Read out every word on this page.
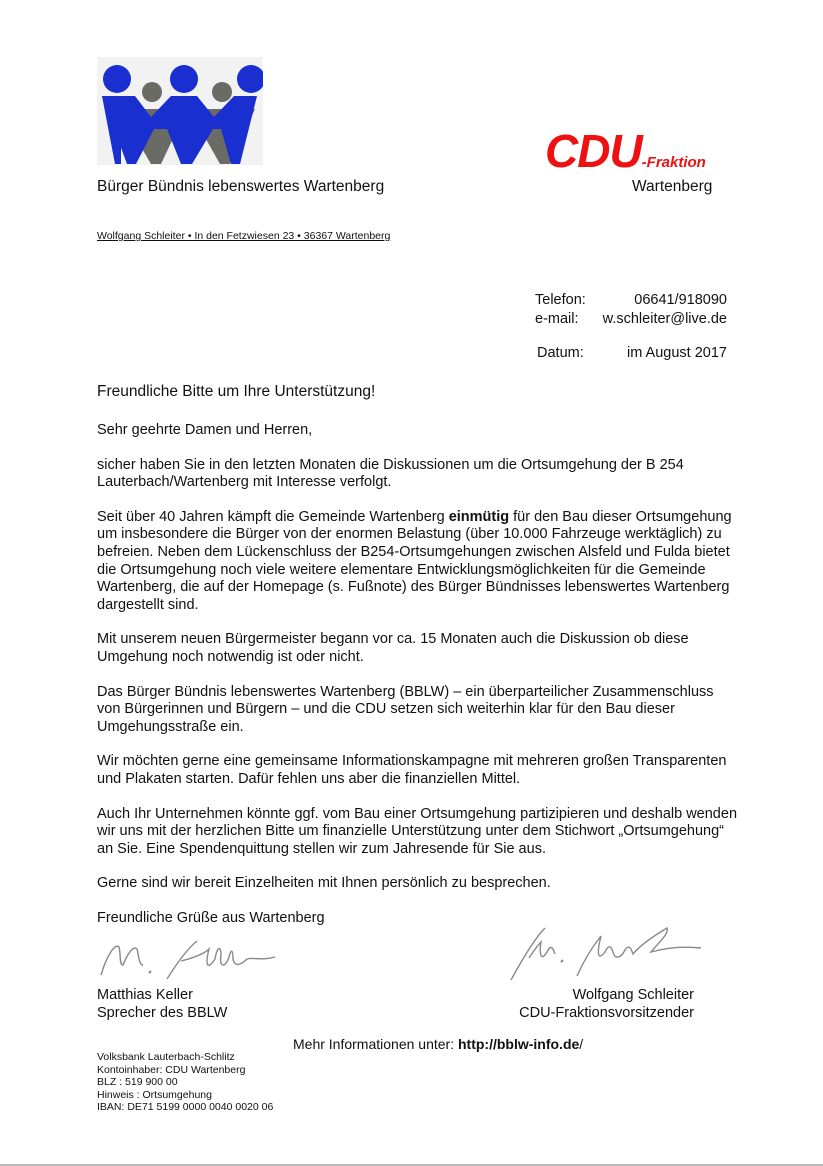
Bürger Bündnis lebenswertes Wartenberg
CDU-Fraktion
Wartenberg
Wolfgang Schleiter • In den Fetzwiesen 23 • 36367 Wartenberg
Telefon:	06641/918090
e-mail:	w.schleiter@live.de
Datum:	im August 2017
Freundliche Bitte um Ihre Unterstützung!

Sehr geehrte Damen und Herren,

sicher haben Sie in den letzten Monaten die Diskussionen um die Ortsumgehung der B 254 Lauterbach/Wartenberg mit Interesse verfolgt.

Seit über 40 Jahren kämpft die Gemeinde Wartenberg einmütig für den Bau dieser Ortsumgehung um insbesondere die Bürger von der enormen Belastung (über 10.000 Fahrzeuge werktäglich) zu befreien. Neben dem Lückenschluss der B254-Ortsumgehungen zwischen Alsfeld und Fulda bietet die Ortsumgehung noch viele weitere elementare Entwicklungsmöglichkeiten für die Gemeinde Wartenberg, die auf der Homepage (s. Fußnote) des Bürger Bündnisses lebenswertes Wartenberg dargestellt sind.

Mit unserem neuen Bürgermeister begann vor ca. 15 Monaten auch die Diskussion ob diese Umgehung noch notwendig ist oder nicht.

Das Bürger Bündnis lebenswertes Wartenberg (BBLW) – ein überparteilicher Zusammenschluss von Bürgerinnen und Bürgern – und die CDU setzen sich weiterhin klar für den Bau dieser Umgehungsstraße ein.

Wir möchten gerne eine gemeinsame Informationskampagne mit mehreren großen Transparenten und Plakaten starten. Dafür fehlen uns aber die finanziellen Mittel.

Auch Ihr Unternehmen könnte ggf. vom Bau einer Ortsumgehung partizipieren und deshalb wenden wir uns mit der herzlichen Bitte um finanzielle Unterstützung unter dem Stichwort „Ortsumgehung“ an Sie. Eine Spendenquittung stellen wir zum Jahresende für Sie aus.

Gerne sind wir bereit Einzelheiten mit Ihnen persönlich zu besprechen.

Freundliche Grüße aus Wartenberg

Matthias Keller
Sprecher des BBLW
Wolfgang Schleiter
CDU-Fraktionsvorsitzender
Mehr Informationen unter: http://bblw-info.de/
Volksbank Lauterbach-Schlitz
Kontoinhaber: CDU Wartenberg
BLZ : 519 900 00
Hinweis : Ortsumgehung
IBAN: DE71 5199 0000 0040 0020 06
